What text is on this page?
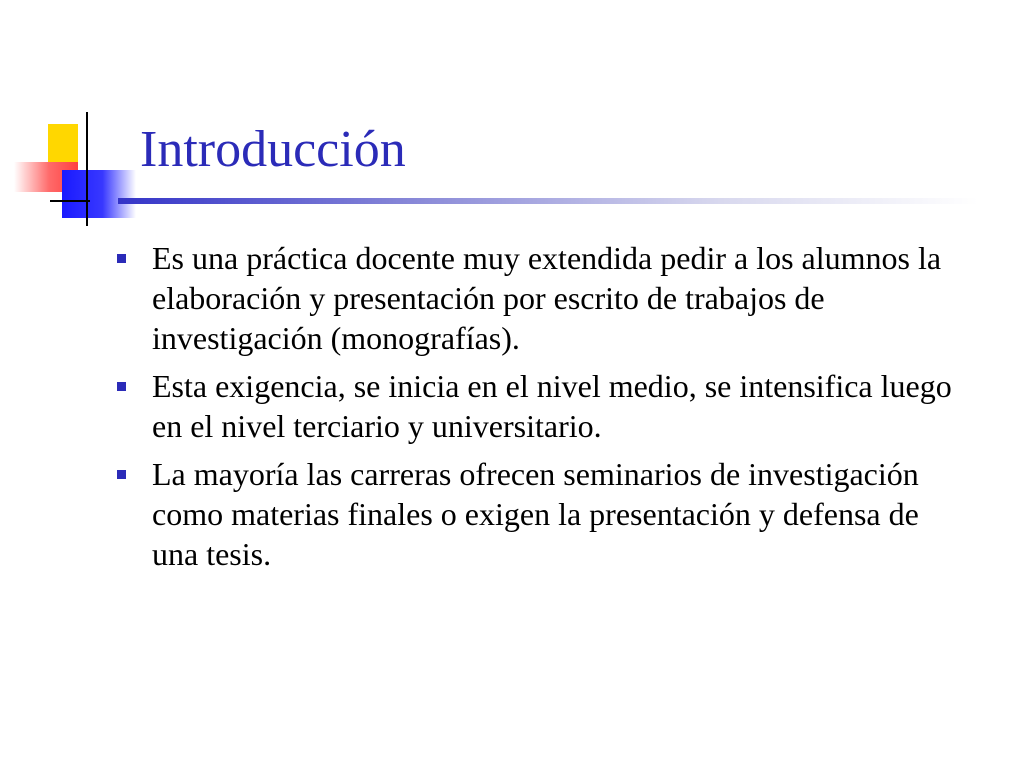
Introducción
Es una práctica docente muy extendida pedir a los alumnos la elaboración y presentación por escrito de trabajos de investigación (monografías).
Esta exigencia, se inicia en el nivel medio, se intensifica luego en el nivel terciario y universitario.
La mayoría las carreras ofrecen seminarios de investigación como materias finales o exigen la presentación y defensa de una tesis.
